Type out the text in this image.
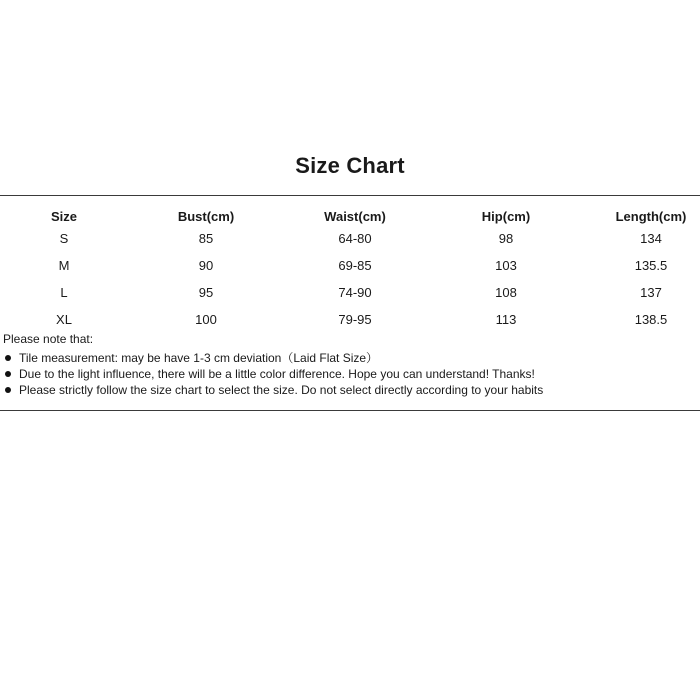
Size Chart
Size	Bust(cm)	Waist(cm)	Hip(cm)	Length(cm)
S	85	64-80	98	134
M	90	69-85	103	135.5
L	95	74-90	108	137
XL	100	79-95	113	138.5
Please note that:
Tile measurement: may be have 1-3 cm deviation（Laid Flat Size）
Due to the light influence, there will be a little color difference. Hope you can understand! Thanks!
Please strictly follow the size chart to select the size. Do not select directly according to your habits
